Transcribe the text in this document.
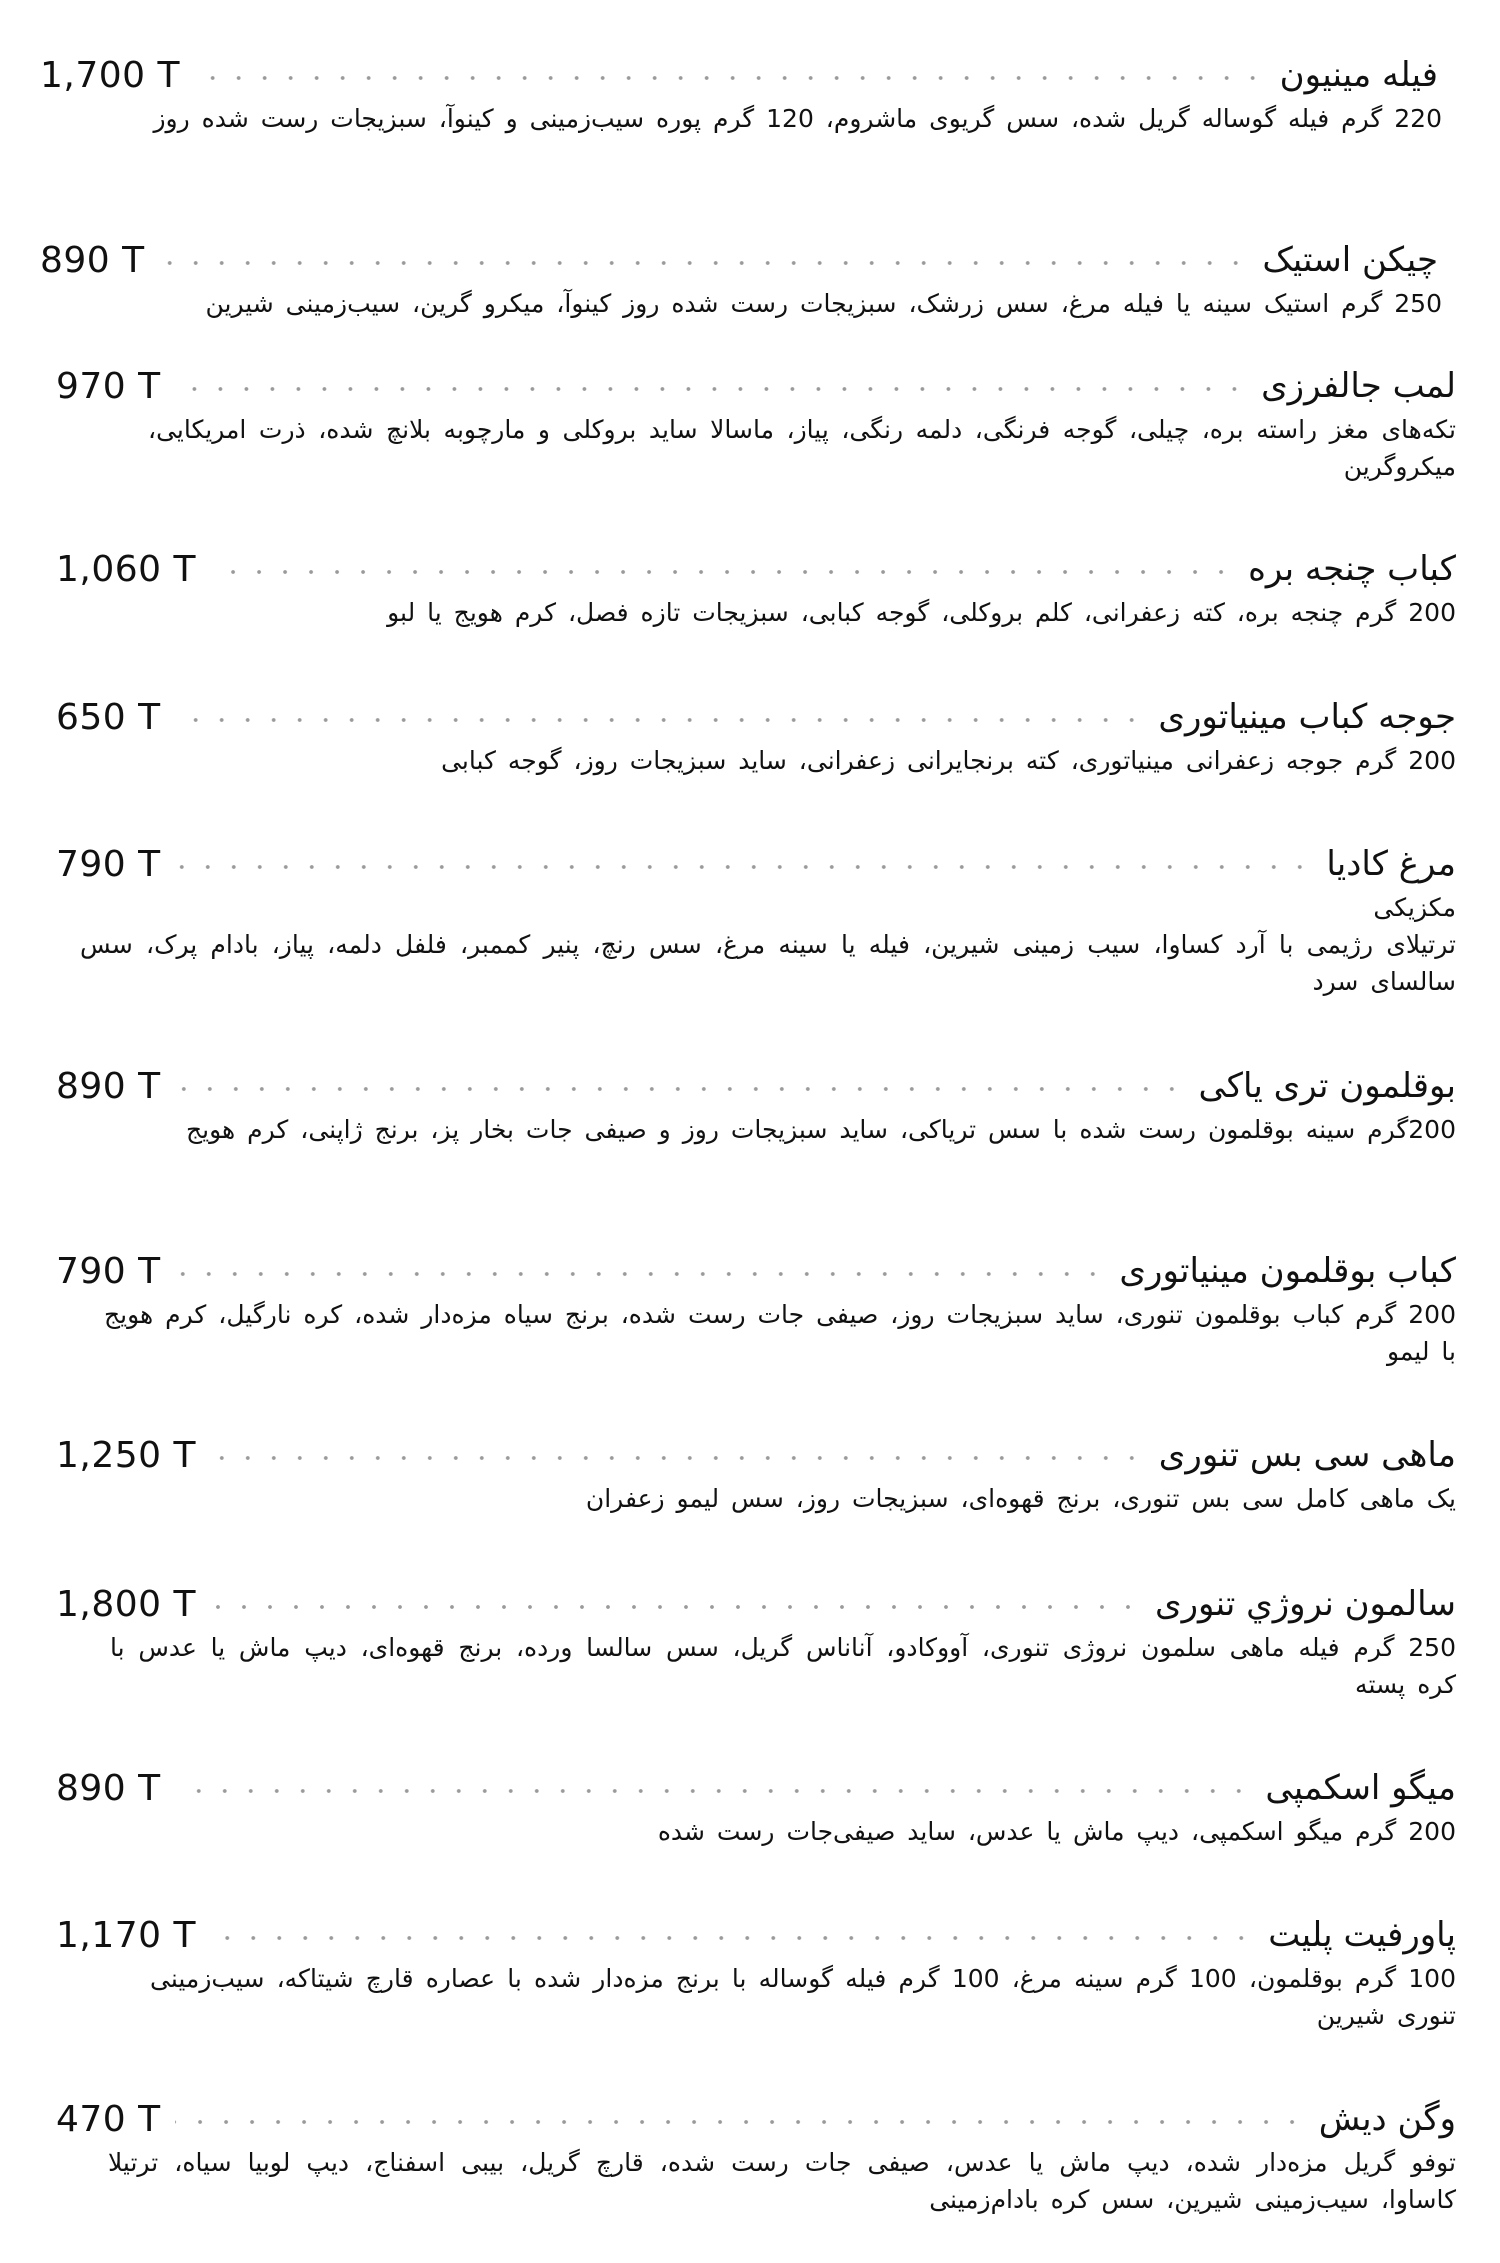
1,700 T	فیله مینیون

220 گرم فیله گوساله گریل شده، سس گریوی ماشروم، 120 گرم پوره سیب‌زمینی و کینوآ، سبزیجات رست شده روز

890 T	چیکن استیک

250 گرم استیک سینه یا فیله مرغ، سس زرشک، سبزیجات رست شده روز کینوآ، میکرو گرین، سیب‌زمینی شیرین

970 T	لمب جالفرزی

تکه‌های مغز راسته بره، چیلی، گوجه فرنگی، دلمه رنگی، پیاز، ماسالا ساید بروکلی و مارچوبه بلانچ شده، ذرت امریکایی، میکروگرین

1,060 T	کباب چنجه بره

200 گرم چنجه بره، کته زعفرانی، کلم بروکلی، گوجه کبابی، سبزیجات تازه فصل، کرم هویج یا لبو

650 T	جوجه کباب مینیاتوری

200 گرم جوجه زعفرانی مینیاتوری، کته برنجایرانی زعفرانی، ساید سبزیجات روز، گوجه کبابی

790 T	مرغ کادیا

مکزیکی

ترتیلای رژیمی با آرد کساوا، سیب زمینی شیرین، فیله یا سینه مرغ، سس رنچ، پنیر کممبر، فلفل دلمه، پیاز، بادام پرک، سس سالسای سرد

890 T	بوقلمون تری یاکی

200گرم سینه بوقلمون رست شده با سس تریاکی، ساید سبزیجات روز و صیفی جات بخار پز، برنج ژاپنی، کرم هویج

790 T	کباب بوقلمون مینیاتوری

200 گرم کباب بوقلمون تنوری، ساید سبزیجات روز، صیفی جات رست شده، برنج سیاه مزه‌دار شده، کره نارگیل، کرم هویج با لیمو

1,250 T	ماهی سی بس تنوری

یک ماهی کامل سی بس تنوری، برنج قهوه‌ای، سبزیجات روز، سس لیمو زعفران

1,800 T	سالمون نروژي تنوری

250 گرم فیله ماهی سلمون نروژی تنوری، آووکادو، آناناس گریل، سس سالسا ورده، برنج قهوه‌ای، دیپ ماش یا عدس با کره پسته

890 T	میگو اسکمپی

200 گرم میگو اسکمپی، دیپ ماش یا عدس، ساید صیفی‌جات رست شده

1,170 T	پاورفیت پلیت

100 گرم بوقلمون، 100 گرم سینه مرغ، 100 گرم فیله گوساله با برنج مزه‌دار شده با عصاره قارچ شیتاکه، سیب‌زمینی تنوری شیرین

470 T	وگن دیش

توفو گریل مزه‌دار شده، دیپ ماش یا عدس، صیفی جات رست شده، قارچ گریل، بیبی اسفناج، دیپ لوبیا سیاه، ترتیلا کاساوا، سیب‌زمینی شیرین، سس کره بادام‌زمینی
